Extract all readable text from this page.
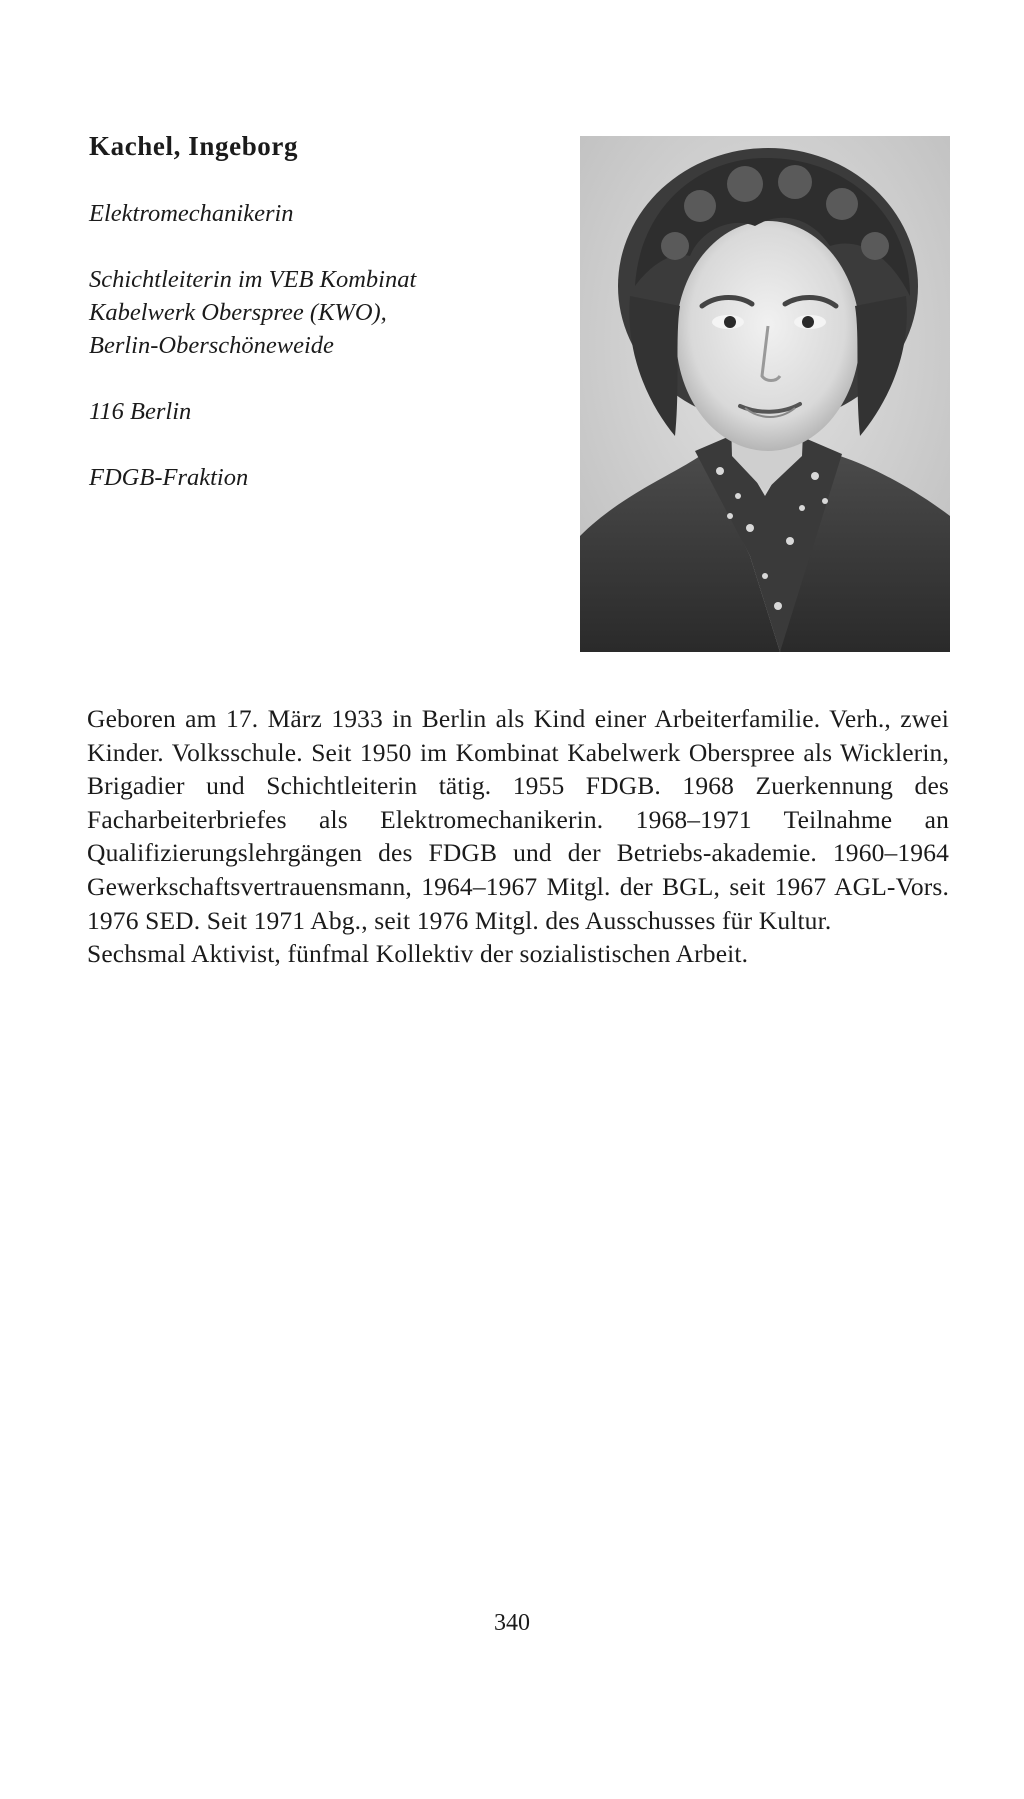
Kachel, Ingeborg

Elektromechanikerin

Schichtleiterin im VEB Kombinat

Kabelwerk Oberspree (KWO),

Berlin-Oberschöneweide

116 Berlin

FDGB-Fraktion

Geboren am 17. März 1933 in Berlin als Kind einer Arbeiterfamilie. Verh., zwei Kinder. Volksschule. Seit 1950 im Kombinat Kabelwerk Oberspree als Wicklerin, Brigadier und Schichtleiterin tätig. 1955 FDGB. 1968 Zuerkennung des Facharbeiterbriefes als Elektromechanikerin. 1968–1971 Teilnahme an Qualifizierungslehrgängen des FDGB und der Betriebs-akademie. 1960–1964 Gewerkschaftsvertrauensmann, 1964–1967 Mitgl. der BGL, seit 1967 AGL-Vors. 1976 SED. Seit 1971 Abg., seit 1976 Mitgl. des Ausschusses für Kultur.

Sechsmal Aktivist, fünfmal Kollektiv der sozialistischen Arbeit.

340
